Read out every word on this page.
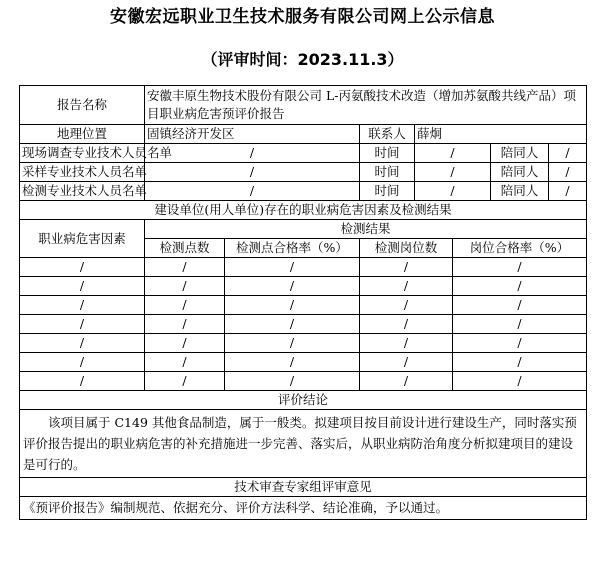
安徽宏远职业卫生技术服务有限公司网上公示信息
（评审时间：2023.11.3）
报告名称	安徽丰原生物技术股份有限公司 L-丙氨酸技术改造（增加苏氨酸共线产品）项目职业病危害预评价报告						
地理位置	固镇经济开发区		联系人	薛炯			
现场调查专业技术人员名单	/		时间	/		陪同人	/
采样专业技术人员名单	/		时间	/		陪同人	/
检测专业技术人员名单	/		时间	/		陪同人	/
建设单位(用人单位)存在的职业病危害因素及检测结果							
职业病危害因素	检测结果						
	检测点数	检测点合格率（%）	检测岗位数		岗位合格率（%）		
/	/	/	/		/		
/	/	/	/		/		
/	/	/	/		/		
/	/	/	/		/		
/	/	/	/		/		
/	/	/	/		/		
/	/	/	/		/		
评价结论							
该项目属于 C149 其他食品制造，属于一般类。拟建项目按目前设计进行建设生产，同时落实预评价报告提出的职业病危害的补充措施进一步完善、落实后，从职业病防治角度分析拟建项目的建设是可行的。							
技术审查专家组评审意见							
《预评价报告》编制规范、依据充分、评价方法科学、结论准确，予以通过。							
